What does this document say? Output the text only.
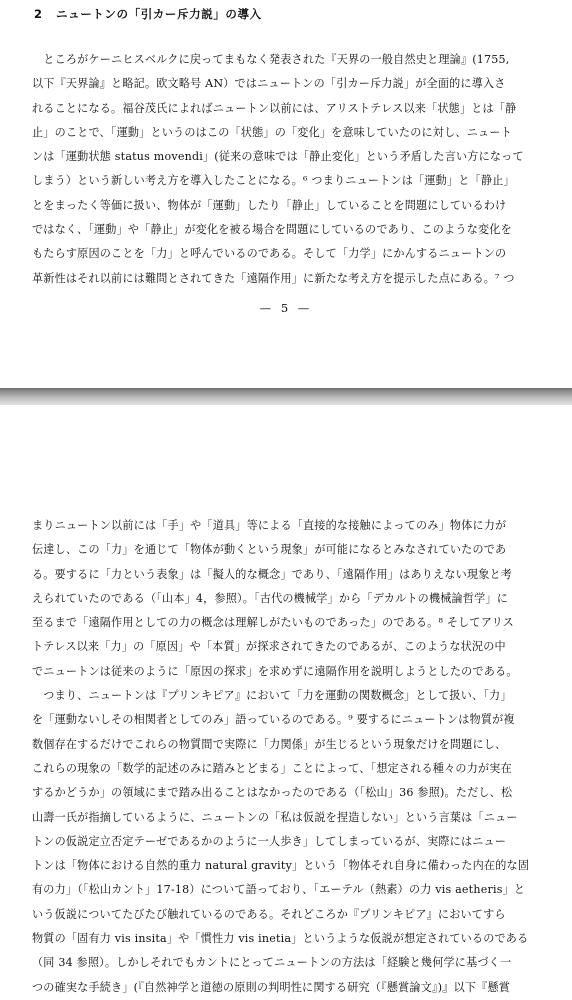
2 ニュートンの「引カー斥力説」の導入
　ところがケーニヒスベルクに戻ってまもなく発表された『天界の一般自然史と理論』(1755,
以下『天界論』と略記。欧文略号 AN）ではニュートンの「引カー斥力説」が全面的に導入さ
れることになる。福谷茂氏によればニュートン以前には、アリストテレス以来「状態」とは「静
止」のことで、「運動」というのはこの「状態」の「変化」を意味していたのに対し、ニュート
ンは「運動状態 status movendi」(従来の意味では「静止変化」という矛盾した言い方になって
しまう）という新しい考え方を導入したことになる。⁶ つまりニュートンは「運動」と「静止」
とをまったく等価に扱い、物体が「運動」したり「静止」していることを問題にしているわけ
ではなく、「運動」や「静止」が変化を被る場合を問題にしているのであり、このような変化を
もたらす原因のことを「力」と呼んでいるのである。そして「力学」にかんするニュートンの
革新性はそれ以前には難問とされてきた「遠隔作用」に新たな考え方を提示した点にある。⁷ つ
— 5 —
まりニュートン以前には「手」や「道具」等による「直接的な接触によってのみ」物体に力が
伝達し、この「力」を通じて「物体が動くという現象」が可能になるとみなされていたのであ
る。要するに「力という表象」は「擬人的な概念」であり、「遠隔作用」はありえない現象と考
えられていたのである（「山本」4，参照）。「古代の機械学」から「デカルトの機械論哲学」に
至るまで「遠隔作用としての力の概念は理解しがたいものであった」のである。⁸ そしてアリス
トテレス以来「力」の「原因」や「本質」が探求されてきたのであるが、このような状況の中
でニュートンは従来のように「原因の探求」を求めずに遠隔作用を説明しようとしたのである。
　つまり、ニュートンは『プリンキピア』において「力を運動の関数概念」として扱い、「力」
を「運動ないしその相関者としてのみ」語っているのである。⁹ 要するにニュートンは物質が複
数個存在するだけでこれらの物質間で実際に「力関係」が生じるという現象だけを問題にし、
これらの現象の「数学的記述のみに踏みとどまる」ことによって、「想定される種々の力が実在
するかどうか」の領域にまで踏み出ることはなかったのである（「松山」36 参照)。ただし、松
山壽一氏が指摘しているように、ニュートンの「私は仮説を捏造しない」という言葉は「ニュー
トンの仮説定立否定テーゼであるかのように一人歩き」してしまっているが、実際にはニュー
トンは「物体における自然的重力 natural gravity」という「物体それ自身に備わった内在的な固
有の力」（「松山カント」17-18）について語っており、「エーテル（熱素）の力 vis aetheris」と
いう仮説についてたびたび触れているのである。それどころか『プリンキピア』においてすら
物質の「固有力 vis insita」や「慣性力 vis inetia」というような仮説が想定されているのである
（同 34 参照）。しかしそれでもカントにとってニュートンの方法は「経験と幾何学に基づく一
つの確実な手続き」(『自然神学と道徳の原則の判明性に関する研究（『懸賞論文』)』以下『懸賞
